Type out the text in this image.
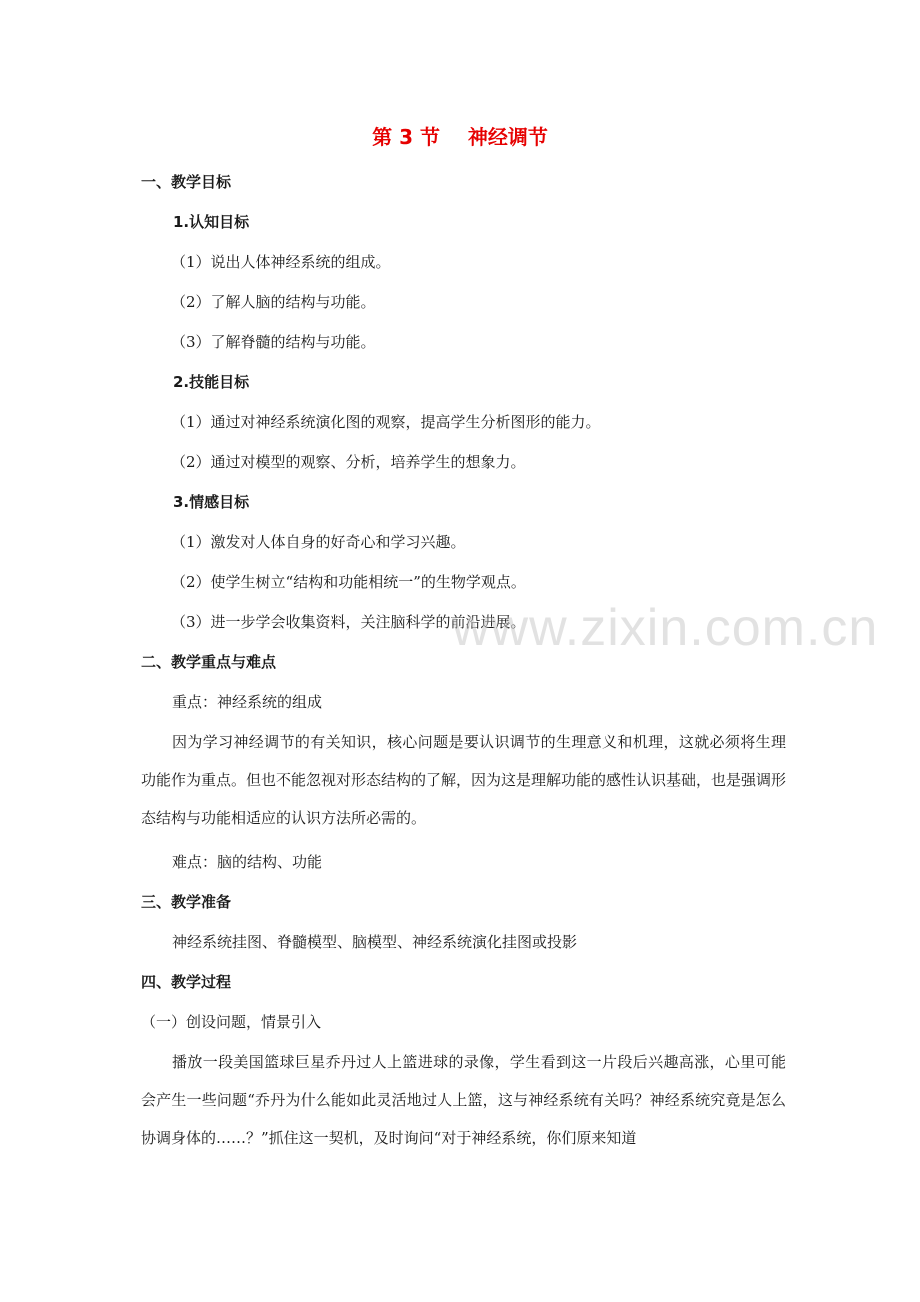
第 3 节    神经调节
一、教学目标
1.认知目标
（1）说出人体神经系统的组成。
（2）了解人脑的结构与功能。
（3）了解脊髓的结构与功能。
2.技能目标
（1）通过对神经系统演化图的观察，提高学生分析图形的能力。
（2）通过对模型的观察、分析，培养学生的想象力。
3.情感目标
（1）激发对人体自身的好奇心和学习兴趣。
（2）使学生树立“结构和功能相统一”的生物学观点。
（3）进一步学会收集资料，关注脑科学的前沿进展。
二、教学重点与难点
重点：神经系统的组成
因为学习神经调节的有关知识，核心问题是要认识调节的生理意义和机理，这就必须将生理功能作为重点。但也不能忽视对形态结构的了解，因为这是理解功能的感性认识基础，也是强调形态结构与功能相适应的认识方法所必需的。
难点：脑的结构、功能
三、教学准备
神经系统挂图、脊髓模型、脑模型、神经系统演化挂图或投影
四、教学过程
（一）创设问题，情景引入
播放一段美国篮球巨星乔丹过人上篮进球的录像，学生看到这一片段后兴趣高涨，心里可能会产生一些问题“乔丹为什么能如此灵活地过人上篮，这与神经系统有关吗？神经系统究竟是怎么协调身体的……？”抓住这一契机，及时询问“对于神经系统，你们原来知道
www.zixin.com.cn
